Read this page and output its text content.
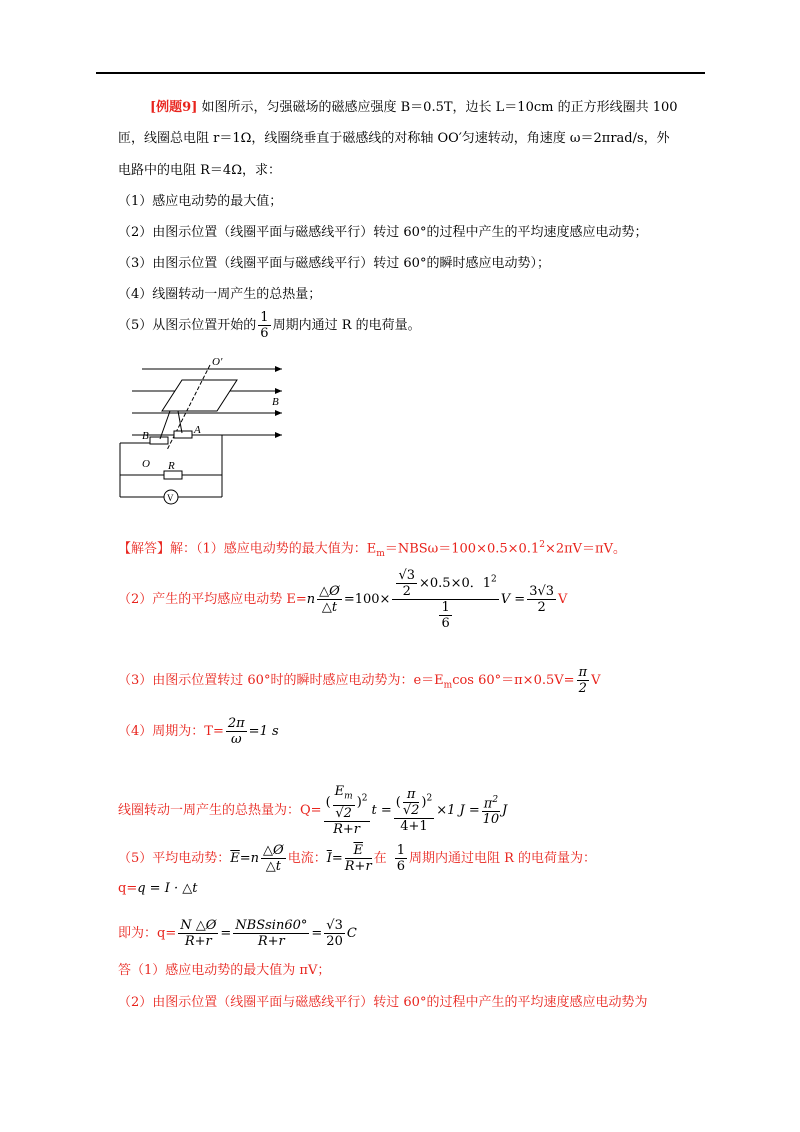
[例题9] 如图所示，匀强磁场的磁感应强度 B＝0.5T，边长 L＝10cm 的正方形线圈共 100
匝，线圈总电阻 r＝1Ω，线圈绕垂直于磁感线的对称轴 OO′匀速转动，角速度 ω＝2πrad/s，外
电路中的电阻 R＝4Ω，求：
（1）感应电动势的最大值；
（2）由图示位置（线圈平面与磁感线平行）转过 60°的过程中产生的平均速度感应电动势；
（3）由图示位置（线圈平面与磁感线平行）转过 60°的瞬时感应电动势）；
（4）线圈转动一周产生的总热量；
（5）从图示位置开始的 $\frac{1}{6}$ 周期内通过 R 的电荷量。
O′
B
B	A
O R
V
【解答】解：（1）感应电动势的最大值为：$E_m=NBS\omega=100\times 0.5\times 0.1^2\times 2\pi V=\pi V$。
（2）产生的平均感应电动势 $E=n \frac{\triangle Ø}{\triangle t} =100\times \frac{\frac{√3}{2} \times 0.5\times 0.1^2}{\frac{1}{6}}$ $V = \frac{3√3}{2}$ V
（3）由图示位置转过 60°时的瞬时感应电动势为：$e=E_m\cos$ $60^\circ=\pi\times 0.5V= \frac{\pi}{2}$ V
（4）周期为：$T= \frac{2\pi}{\omega} =1$ s
线圈转动一周产生的总热量为：$Q= \frac{( \frac{E_m}{√2} )^2}{R+r}$ $t = \frac{( \frac{\pi}{√2} )^2}{4+1} \times 1$ $J = \frac{\pi^2}{10}$ J
（5）平均电动势：$\overline{E}=n \frac{\triangle Ø}{\triangle t}$ 电流：$\overline{I}= \frac{\overline{E}}{R+r}$ 在 $\frac{1}{6}$ 周期内通过电阻 R 的电荷量为：
q=q = I · △t
即为：$q= \frac{N \triangle Ø}{R+r} = \frac{\text{NBSsin60°}}{R+r} = \frac{√3}{20}$ C
答（1）感应电动势的最大值为 πV；
（2）由图示位置（线圈平面与磁感线平行）转过 60°的过程中产生的平均速度感应电动势为
